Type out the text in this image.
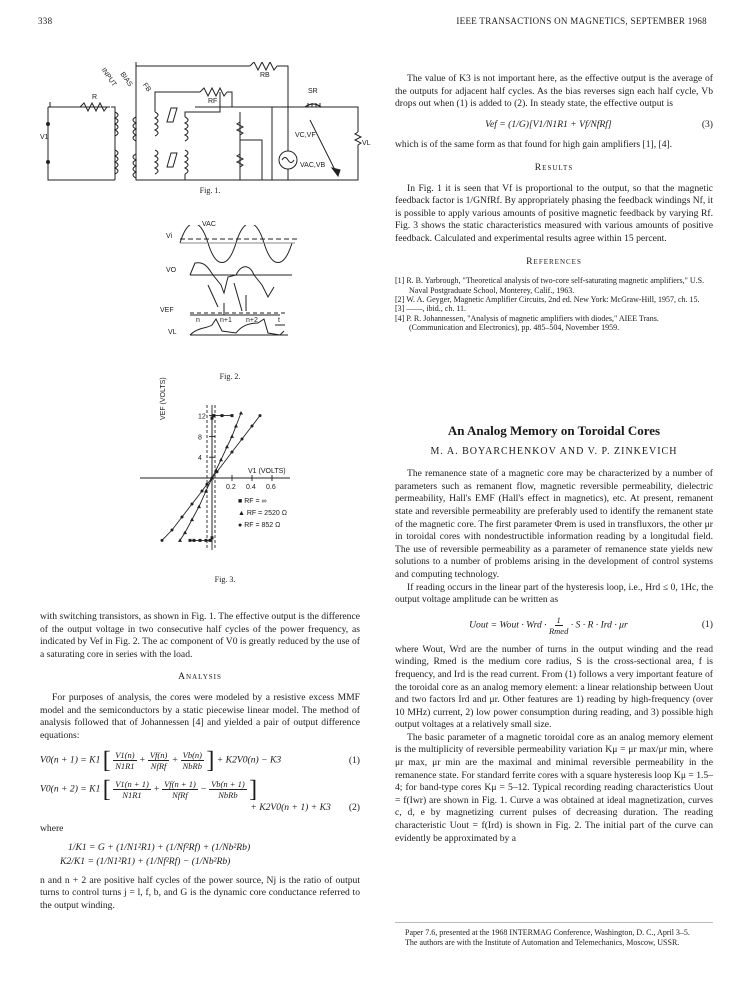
338	IEEE TRANSACTIONS ON MAGNETICS, SEPTEMBER 1968
R
INPUT BIAS FB
RF
RB
SR
V1
VL
VC,VF
VAC,VB
Fig. 1.
Vi
VAC
VO
VEF
VL
n	n+1 n+2	t
Fig. 2.
0.2 0.4 0.6
4
8
12
VEF (VOLTS)
V1 (VOLTS)
■ RF = ∞
▲ RF = 2520 Ω
● RF = 852 Ω
Fig. 3.

with switching transistors, as shown in Fig. 1. The effective output is the difference of the output voltage in two consecutive half cycles of the power frequency, as indicated by Vef in Fig. 2. The ac component of V0 is greatly reduced by the use of a saturating core in series with the load.

Analysis

For purposes of analysis, the cores were modeled by a resistive excess MMF model and the semiconductors by a static piecewise linear model. The method of analysis followed that of Johannessen [4] and yielded a pair of output difference equations:

V0(n + 1) = K1 [ $\frac{V1(n)}{N1R1} + \frac{Vf(n)}{\text{NfRf}} + \frac{Vb(n)}{\text{NbRb}}$ ] + K2V0(n) − K3	(1)
V0(n + 2) = K1 [ $\frac{V1(n + 1)}{N1R1} + \frac{Vf(n + 1)}{\text{NfRf}} - \frac{Vb(n + 1)}{\text{NbRb}}$ ]
+ K2V0(n + 1) + K3 (2)

where

1/K1 = G + (1/N1²R1) + (1/Nf²Rf) + (1/Nb²Rb)
K2/K1 = (1/N1²R1) + (1/Nf²Rf) − (1/Nb²Rb)

n and n + 2 are positive half cycles of the power source, Nj is the ratio of output turns to control turns j = l, f, b, and G is the dynamic core conductance referred to the output winding.

The value of K3 is not important here, as the effective output is the average of the outputs for adjacent half cycles. As the bias reverses sign each half cycle, Vb drops out when (1) is added to (2). In steady state, the effective output is

Vef = (1/G)[V1/N1R1 + Vf/NfRf]	(3)

which is of the same form as that found for high gain amplifiers [1], [4].

Results

In Fig. 1 it is seen that Vf is proportional to the output, so that the magnetic feedback factor is 1/GNfRf. By appropriately phasing the feedback windings Nf, it is possible to apply various amounts of positive magnetic feedback by varying Rf. Fig. 3 shows the static characteristics measured with various amounts of positive feedback. Calculated and experimental results agree within 15 percent.

References
[1] R. B. Yarbrough, "Theoretical analysis of two-core self-saturating magnetic amplifiers," U.S. Naval Postgraduate School, Monterey, Calif., 1963.
[2] W. A. Geyger, Magnetic Amplifier Circuits, 2nd ed. New York: McGraw-Hill, 1957, ch. 15.
[3] ——, ibid., ch. 11.
[4] P. R. Johannessen, "Analysis of magnetic amplifiers with diodes," AIEE Trans. (Communication and Electronics), pp. 485–504, November 1959.
An Analog Memory on Toroidal Cores
M. A. BOYARCHENKOV AND V. P. ZINKEVICH

The remanence state of a magnetic core may be characterized by a number of parameters such as remanent flow, magnetic reversible permeability, dielectric permeability, Hall's EMF (Hall's effect in magnetics), etc. At present, remanent state and reversible permeability are preferably used to identify the remanent state of the magnetic core. The first parameter Φrem is used in transfluxors, the other μr in toroidal cores with nondestructible information reading by a longitudal field. The use of reversible permeability as a parameter of remanence state yields new solutions to a number of problems arising in the development of control systems and computing technology.

If reading occurs in the linear part of the hysteresis loop, i.e., Hrd ≤ 0, 1Hc, the output voltage amplitude can be written as

Uout = Wout · Wrd · $\frac{1}{\text{Rmed}} \cdot S \cdot R$ · Ird · μr	(1)

where Wout, Wrd are the number of turns in the output winding and the read winding, Rmed is the medium core radius, S is the cross-sectional area, f is frequency, and Ird is the read current. From (1) follows a very important feature of the toroidal core as an analog memory element: a linear relationship between Uout and two factors Ird and μr. Other features are 1) reading by high-frequency (over 10 MHz) current, 2) low power consumption during reading, and 3) possible high output voltages at a relatively small size.

The basic parameter of a magnetic toroidal core as an analog memory element is the multiplicity of reversible permeability variation Kμ = μr max/μr min, where μr max, μr min are the maximal and minimal reversible permeability in the remanence state. For standard ferrite cores with a square hysteresis loop Kμ = 1.5–4; for band-type cores Kμ = 5–12. Typical recording reading characteristics Uout = f(Iwr) are shown in Fig. 1. Curve a was obtained at ideal magnetization, curves c, d, e by magnetizing current pulses of decreasing duration. The reading characteristic Uout = f(Ird) is shown in Fig. 2. The initial part of the curve can evidently be approximated by a

Paper 7.6, presented at the 1968 INTERMAG Conference, Washington, D. C., April 3–5.

The authors are with the Institute of Automation and Telemechanics, Moscow, USSR.
